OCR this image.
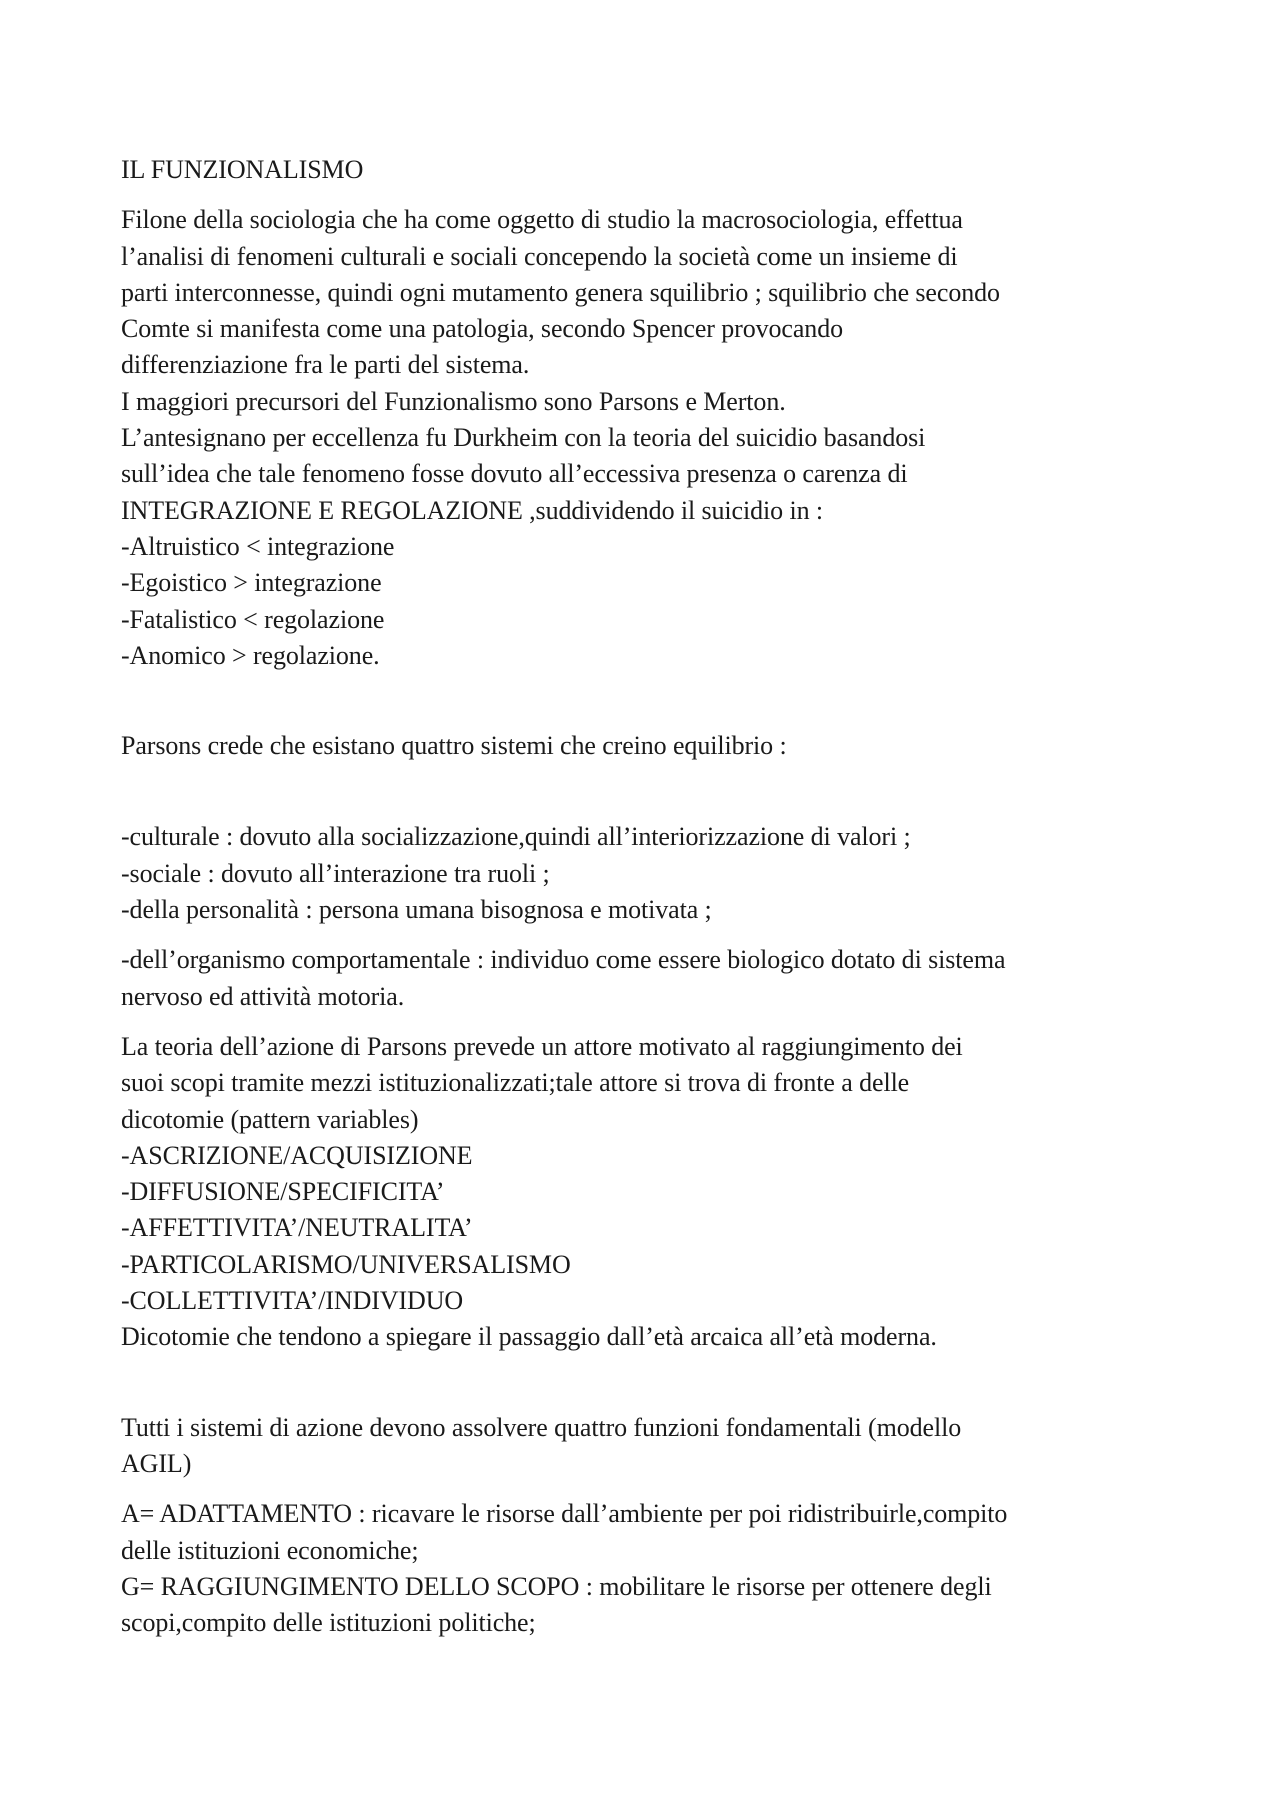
IL FUNZIONALISMO

Filone della sociologia che ha come oggetto di studio la macrosociologia, effettua

l’analisi di fenomeni culturali e sociali concependo la società come un insieme di

parti interconnesse, quindi ogni mutamento genera squilibrio ; squilibrio che secondo

Comte si manifesta come una patologia, secondo Spencer provocando

differenziazione fra le parti del sistema.

I maggiori precursori del Funzionalismo sono Parsons e Merton.

L’antesignano per eccellenza fu Durkheim con la teoria del suicidio basandosi

sull’idea che tale fenomeno fosse dovuto all’eccessiva presenza o carenza di

INTEGRAZIONE E REGOLAZIONE ,suddividendo il suicidio in :

-Altruistico < integrazione

-Egoistico > integrazione

-Fatalistico < regolazione

-Anomico > regolazione.

Parsons crede che esistano quattro sistemi che creino equilibrio :

-culturale : dovuto alla socializzazione,quindi all’interiorizzazione di valori ;

-sociale : dovuto all’interazione tra ruoli ;

-della personalità : persona umana bisognosa e motivata ;

-dell’organismo comportamentale : individuo come essere biologico dotato di sistema

nervoso ed attività motoria.

La teoria dell’azione di Parsons prevede un attore motivato al raggiungimento dei

suoi scopi tramite mezzi istituzionalizzati;tale attore si trova di fronte a delle

dicotomie (pattern variables)

-ASCRIZIONE/ACQUISIZIONE

-DIFFUSIONE/SPECIFICITA’

-AFFETTIVITA’/NEUTRALITA’

-PARTICOLARISMO/UNIVERSALISMO

-COLLETTIVITA’/INDIVIDUO

Dicotomie che tendono a spiegare il passaggio dall’età arcaica all’età moderna.

Tutti i sistemi di azione devono assolvere quattro funzioni fondamentali (modello

AGIL)

A= ADATTAMENTO : ricavare le risorse dall’ambiente per poi ridistribuirle,compito

delle istituzioni economiche;

G= RAGGIUNGIMENTO DELLO SCOPO : mobilitare le risorse per ottenere degli

scopi,compito delle istituzioni politiche;
